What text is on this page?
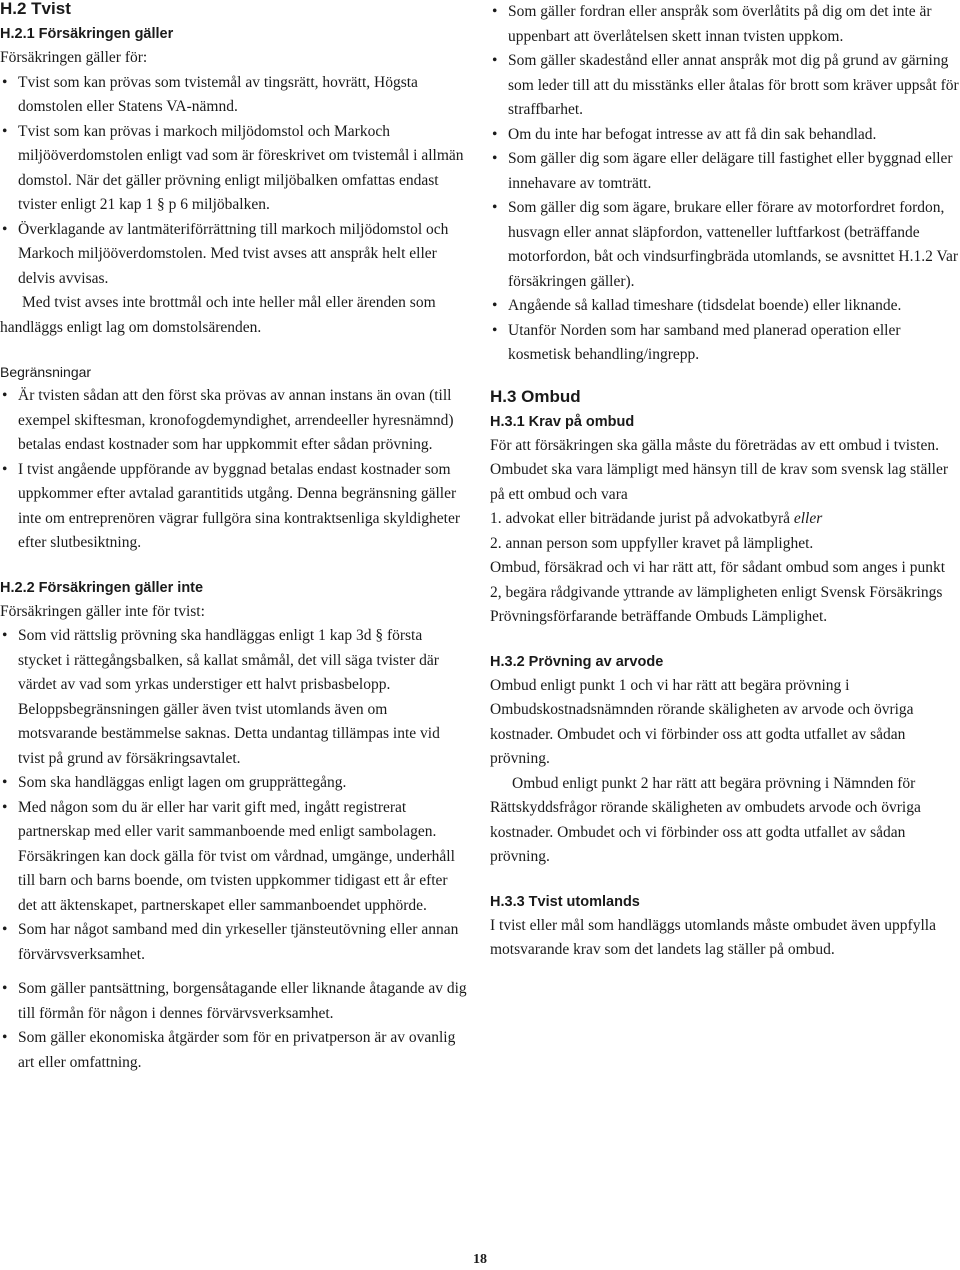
H.2 Tvist
H.2.1 Försäkringen gäller

Försäkringen gäller för:

• Tvist som kan prövas som tvistemål av tingsrätt, hovrätt, Högsta domstolen eller Statens VA-nämnd.
• Tvist som kan prövas i markoch miljödomstol och Markoch miljööverdomstolen enligt vad som är föreskrivet om tvistemål i allmän domstol. När det gäller prövning enligt miljöbalken omfattas endast tvister enligt 21 kap 1 § p 6 miljöbalken.
• Överklagande av lantmäteriförrättning till markoch miljödomstol och Markoch miljööverdomstolen. Med tvist avses att anspråk helt eller delvis avvisas.

Med tvist avses inte brottmål och inte heller mål eller ärenden som handläggs enligt lag om domstolsärenden.

Begränsningar
• Är tvisten sådan att den först ska prövas av annan instans än ovan (till exempel skiftesman, kronofogdemyndighet, arrendeeller hyresnämnd) betalas endast kostnader som har uppkommit efter sådan prövning.
• I tvist angående uppförande av byggnad betalas endast kostnader som uppkommer efter avtalad garantitids utgång. Denna begränsning gäller inte om entreprenören vägrar fullgöra sina kontraktsenliga skyldigheter efter slutbesiktning.
H.2.2 Försäkringen gäller inte

Försäkringen gäller inte för tvist:

• Som vid rättslig prövning ska handläggas enligt 1 kap 3d § första stycket i rättegångsbalken, så kallat småmål, det vill säga tvister där värdet av vad som yrkas understiger ett halvt prisbasbelopp. Beloppsbegränsningen gäller även tvist utomlands även om motsvarande bestämmelse saknas. Detta undantag tillämpas inte vid tvist på grund av försäkringsavtalet.
• Som ska handläggas enligt lagen om grupprättegång.
• Med någon som du är eller har varit gift med, ingått registrerat partnerskap med eller varit sammanboende med enligt sambolagen. Försäkringen kan dock gälla för tvist om vårdnad, umgänge, underhåll till barn och barns boende, om tvisten uppkommer tidigast ett år efter det att äktenskapet, partnerskapet eller sammanboendet upphörde.
• Som har något samband med din yrkeseller tjänsteutövning eller annan förvärvsverksamhet.
• Som gäller pantsättning, borgensåtagande eller liknande åtagande av dig till förmån för någon i dennes förvärvsverksamhet.
• Som gäller ekonomiska åtgärder som för en privatperson är av ovanlig art eller omfattning.
• Som gäller fordran eller anspråk som överlåtits på dig om det inte är uppenbart att överlåtelsen skett innan tvisten uppkom.
• Som gäller skadestånd eller annat anspråk mot dig på grund av gärning som leder till att du misstänks eller åtalas för brott som kräver uppsåt för straffbarhet.
• Om du inte har befogat intresse av att få din sak behandlad.
• Som gäller dig som ägare eller delägare till fastighet eller byggnad eller innehavare av tomträtt.
• Som gäller dig som ägare, brukare eller förare av motorfordret fordon, husvagn eller annat släpfordon, vatteneller luftfarkost (beträffande motorfordon, båt och vindsurfingbräda utomlands, se avsnittet H.1.2 Var försäkringen gäller).
• Angående så kallad timeshare (tidsdelat boende) eller liknande.
• Utanför Norden som har samband med planerad operation eller kosmetisk behandling/ingrepp.
H.3 Ombud
H.3.1 Krav på ombud

För att försäkringen ska gälla måste du företrädas av ett ombud i tvisten. Ombudet ska vara lämpligt med hänsyn till de krav som svensk lag ställer på ett ombud och vara

1. advokat eller biträdande jurist på advokatbyrå eller

2. annan person som uppfyller kravet på lämplighet.

Ombud, försäkrad och vi har rätt att, för sådant ombud som anges i punkt 2, begära rådgivande yttrande av lämpligheten enligt Svensk Försäkrings Prövningsförfarande beträffande Ombuds Lämplighet.

H.3.2 Prövning av arvode

Ombud enligt punkt 1 och vi har rätt att begära prövning i Ombudskostnadsnämnden rörande skäligheten av arvode och övriga kostnader. Ombudet och vi förbinder oss att godta utfallet av sådan prövning.

Ombud enligt punkt 2 har rätt att begära prövning i Nämnden för Rättskyddsfrågor rörande skäligheten av ombudets arvode och övriga kostnader. Ombudet och vi förbinder oss att godta utfallet av sådan prövning.

H.3.3 Tvist utomlands

I tvist eller mål som handläggs utomlands måste ombudet även uppfylla motsvarande krav som det landets lag ställer på ombud.

18
